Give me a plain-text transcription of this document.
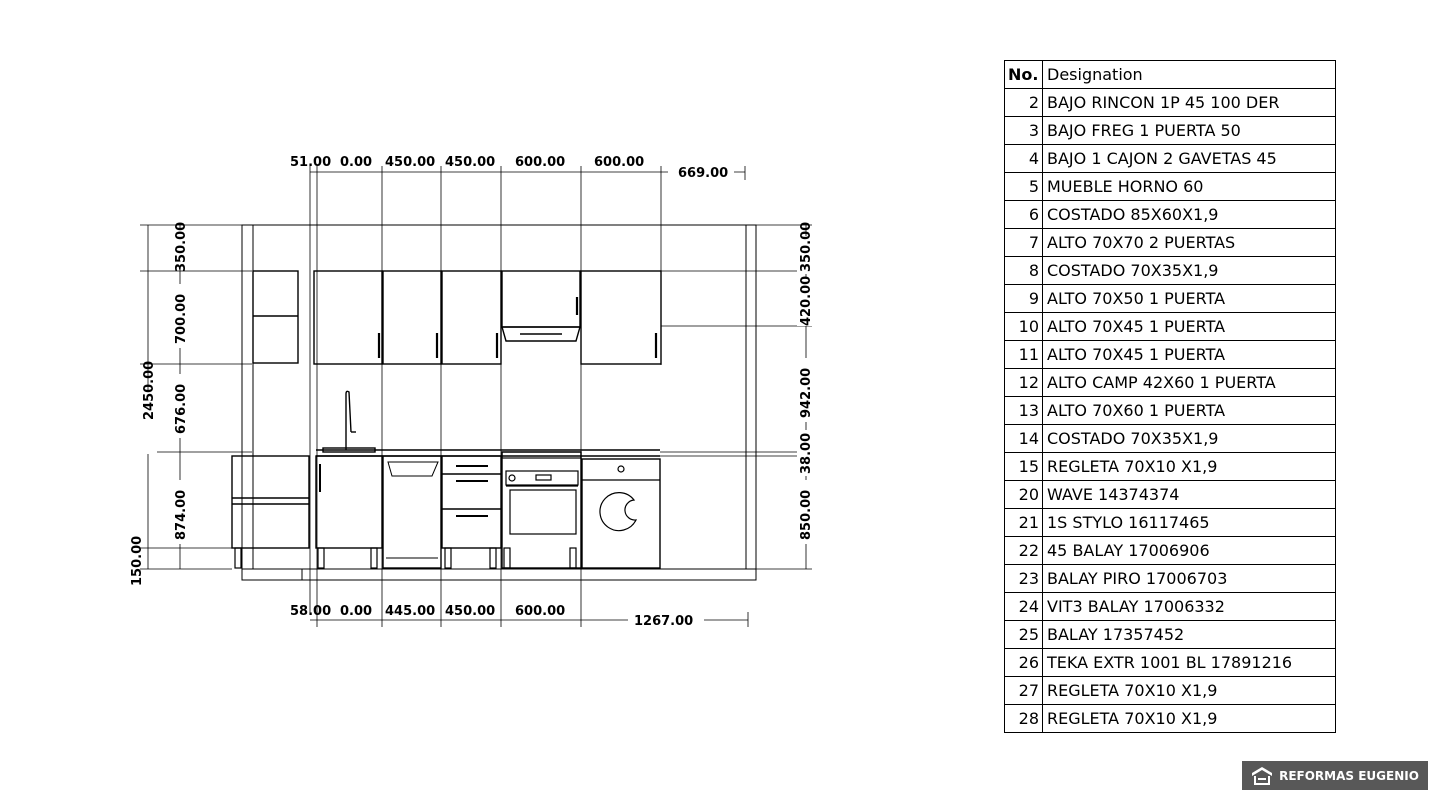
51.00 0.00 450.00 450.00 600.00 600.00
669.00
58.00 0.00 445.00 450.00 600.00
1267.00
350.00
700.00
676.00
874.00
150.00
2450.00
350.00
420.00
942.00
38.00
850.00
No.	Designation
2	BAJO RINCON 1P 45 100 DER
3	BAJO FREG 1 PUERTA 50
4	BAJO 1 CAJON 2 GAVETAS 45
5	MUEBLE HORNO 60
6	COSTADO 85X60X1,9
7	ALTO 70X70 2 PUERTAS
8	COSTADO 70X35X1,9
9	ALTO 70X50 1 PUERTA
10	ALTO 70X45 1 PUERTA
11	ALTO 70X45 1 PUERTA
12	ALTO CAMP 42X60 1 PUERTA
13	ALTO 70X60 1 PUERTA
14	COSTADO 70X35X1,9
15	REGLETA 70X10 X1,9
20	WAVE 14374374
21	1S STYLO 16117465
22	45 BALAY 17006906
23	BALAY PIRO 17006703
24	VIT3 BALAY 17006332
25	BALAY 17357452
26	TEKA EXTR 1001 BL 17891216
27	REGLETA 70X10 X1,9
28	REGLETA 70X10 X1,9
REFORMAS EUGENIO
